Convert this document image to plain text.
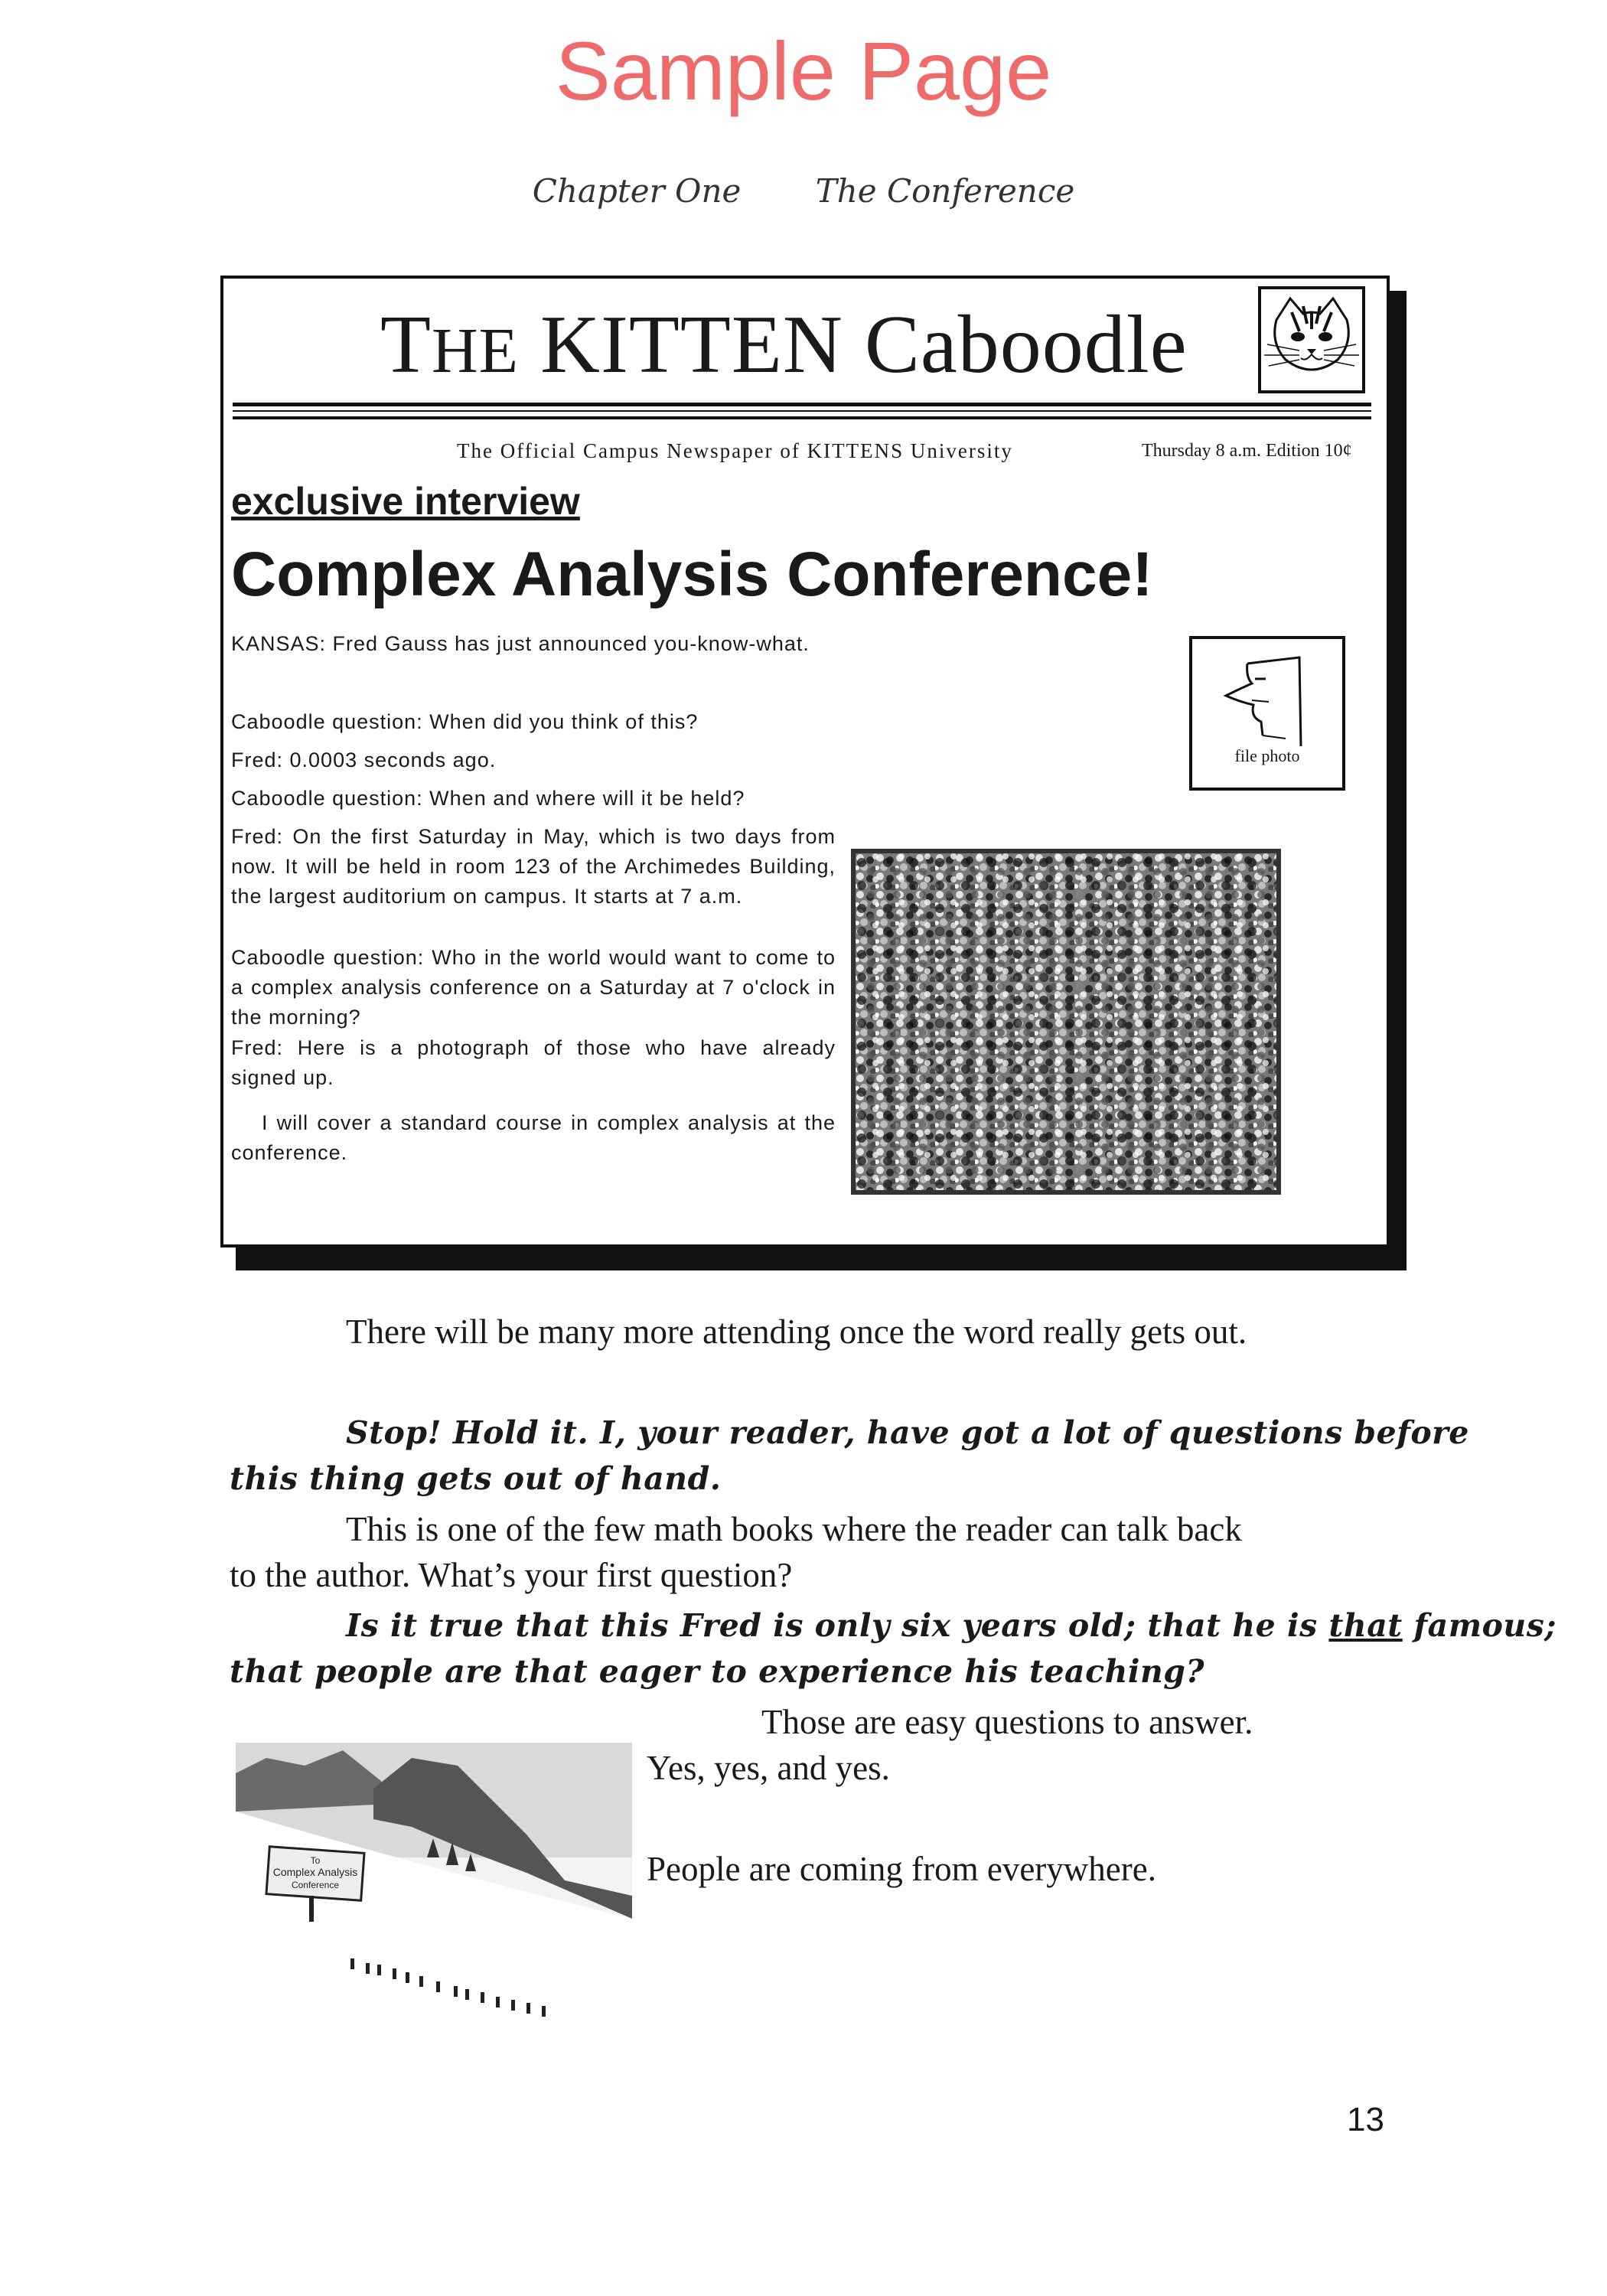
Sample Page
Chapter One The Conference
THE KITTEN Caboodle
The Official Campus Newspaper of KITTENS University	Thursday 8 a.m. Edition 10¢
exclusive interview
Complex Analysis Conference!
KANSAS: Fred Gauss has just announced you-know-what.
Caboodle question: When did you think of this?
Fred: 0.0003 seconds ago.
Caboodle question: When and where will it be held?
Fred: On the first Saturday in May, which is two days from now. It will be held in room 123 of the Archimedes Building, the largest auditorium on campus. It starts at 7 a.m.
Caboodle question: Who in the world would want to come to a complex analysis conference on a Saturday at 7 o'clock in the morning?
Fred: Here is a photograph of those who have already signed up.
I will cover a standard course in complex analysis at the conference.
file photo
There will be many more attending once the word really gets out.
Stop! Hold it. I, your reader, have got a lot of questions before
this thing gets out of hand.
This is one of the few math books where the reader can talk back
to the author. What’s your first question?
Is it true that this Fred is only six years old; that he is that famous;
that people are that eager to experience his teaching?
Those are easy questions to answer.
Yes, yes, and yes.
People are coming from everywhere.
To
Complex Analysis
Conference
13
